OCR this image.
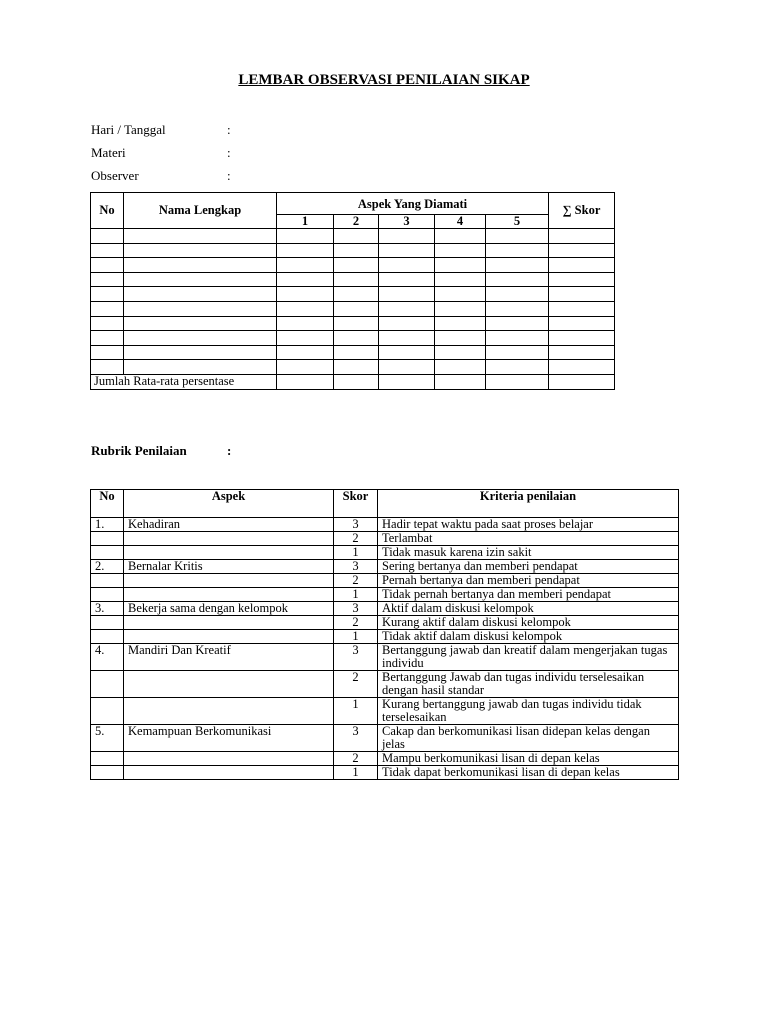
LEMBAR OBSERVASI PENILAIAN SIKAP
Hari / Tanggal	:
Materi	:
Observer	:
No	Nama Lengkap	Aspek Yang Diamati					∑ Skor
		1	2	3	4	5	

Jumlah Rata-rata persentase							
Rubrik Penilaian	:
No	Aspek	Skor	Kriteria penilaian
1.	Kehadiran	3	Hadir tepat waktu pada saat proses belajar
		2	Terlambat
		1	Tidak masuk karena izin sakit
2.	Bernalar Kritis	3	Sering bertanya dan memberi pendapat
		2	Pernah bertanya dan memberi pendapat
		1	Tidak pernah bertanya dan memberi pendapat
3.	Bekerja sama dengan kelompok	3	Aktif dalam diskusi kelompok
		2	Kurang aktif dalam diskusi kelompok
		1	Tidak aktif dalam diskusi kelompok
4.	Mandiri Dan Kreatif	3	Bertanggung jawab dan kreatif dalam mengerjakan tugas individu
		2	Bertanggung Jawab dan tugas individu terselesaikan dengan hasil standar
		1	Kurang bertanggung jawab dan tugas individu tidak terselesaikan
5.	Kemampuan Berkomunikasi	3	Cakap dan berkomunikasi lisan didepan kelas dengan jelas
		2	Mampu berkomunikasi lisan di depan kelas
		1	Tidak dapat berkomunikasi lisan di depan kelas
